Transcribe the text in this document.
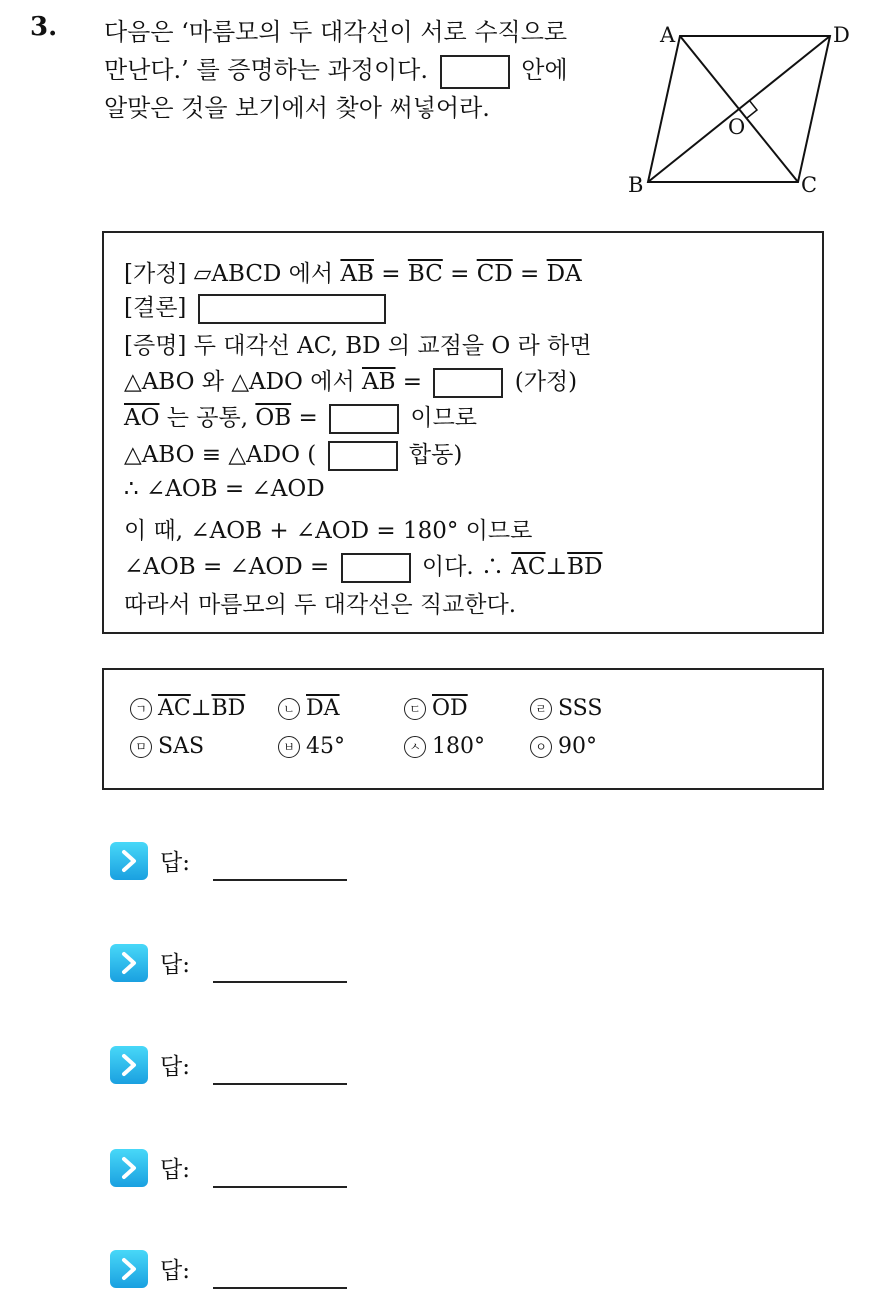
3. 다음은 ‘마름모의 두 대각선이 서로 수직으로
만난다.’ 를 증명하는 과정이다.	안에
알맞은 것을 보기에서 찾아 써넣어라.
A	D
B	C
O
[가정] ▱ABCD 에서 $\overline{AB} = \overline{BC} = \overline{CD} = \overline{DA}$
[결론]
[증명] 두 대각선 AC, BD 의 교점을 O 라 하면
△ABO 와 △ADO 에서 $\overline{AB}$ =	(가정)
$\overline{AO}$ 는 공통, $\overline{OB}$ =	이므로
△ABO ≡ △ADO (	합동)
∴ ∠AOB = ∠AOD
이 때, ∠AOB + ∠AOD = 180° 이므로
∠AOB = ∠AOD =	이다. ∴ $\overline{AC}\perp\overline{BD}$
따라서 마름모의 두 대각선은 직교한다.
ㄱ $\overline{AC}\perp\overline{BD}$	ㄴ $\overline{DA}$	ㄷ $\overline{OD}$	ㄹ SSS
ㅁ SAS	ㅂ 45°	ㅅ 180°	ㅇ 90°
답:
답:
답:
답:
답:
